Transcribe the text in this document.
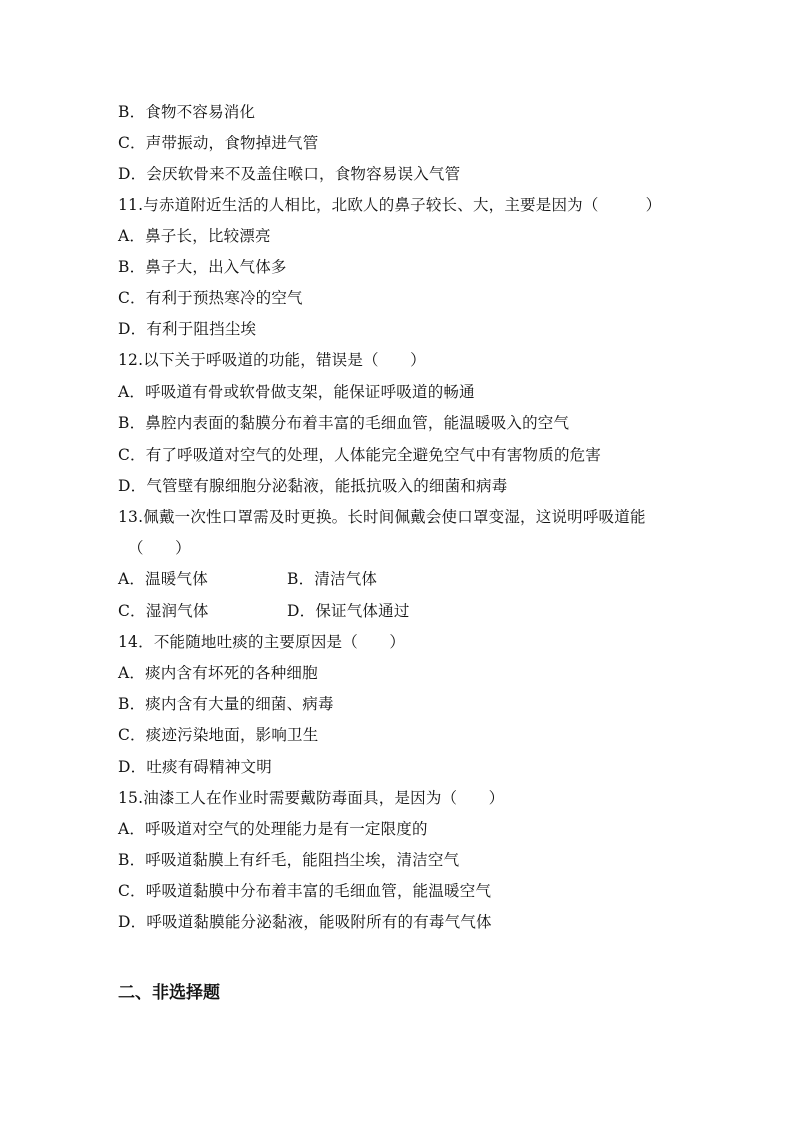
B．食物不容易消化
C．声带振动，食物掉进气管
D．会厌软骨来不及盖住喉口，食物容易误入气管
11.与赤道附近生活的人相比，北欧人的鼻子较长、大，主要是因为（　　　）
A．鼻子长，比较漂亮
B．鼻子大，出入气体多
C．有利于预热寒冷的空气
D．有利于阻挡尘埃
12.以下关于呼吸道的功能，错误是（　　）
A．呼吸道有骨或软骨做支架，能保证呼吸道的畅通
B．鼻腔内表面的黏膜分布着丰富的毛细血管，能温暖吸入的空气
C．有了呼吸道对空气的处理，人体能完全避免空气中有害物质的危害
D．气管壁有腺细胞分泌黏液，能抵抗吸入的细菌和病毒
13.佩戴一次性口罩需及时更换。长时间佩戴会使口罩变湿，这说明呼吸道能
（　　）
A．温暖气体	B．清洁气体
C．湿润气体	D．保证气体通过
14．不能随地吐痰的主要原因是（　　）
A．痰内含有坏死的各种细胞
B．痰内含有大量的细菌、病毒
C．痰迹污染地面，影响卫生
D．吐痰有碍精神文明
15.油漆工人在作业时需要戴防毒面具，是因为（　　）
A．呼吸道对空气的处理能力是有一定限度的
B．呼吸道黏膜上有纤毛，能阻挡尘埃，清洁空气
C．呼吸道黏膜中分布着丰富的毛细血管，能温暖空气
D．呼吸道黏膜能分泌黏液，能吸附所有的有毒气气体
二、非选择题
